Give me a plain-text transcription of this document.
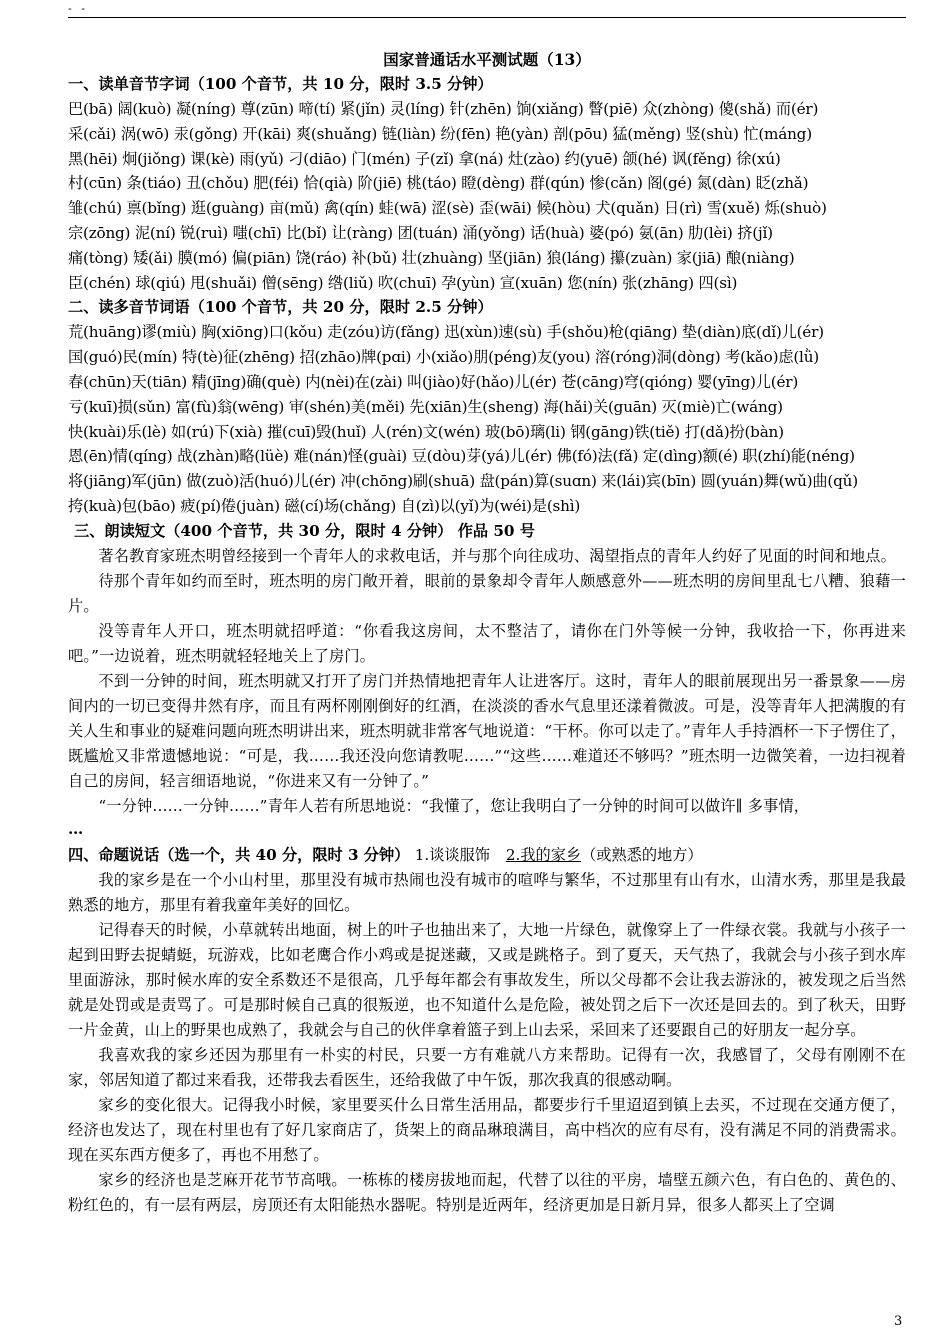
- -
国家普通话水平测试题（13）
一、读单音节字词（100 个音节，共 10 分，限时 3.5 分钟）
巴(bā) 阔(kuò) 凝(níng) 尊(zūn) 啼(tí) 紧(jǐn) 灵(líng) 针(zhēn) 饷(xiǎng) 瞥(piē) 众(zhòng) 傻(shǎ) 而(ér)
采(cǎi) 涡(wō) 汞(gǒng) 开(kāi) 爽(shuǎng) 链(liàn) 纷(fēn) 艳(yàn) 剖(pōu) 猛(měng) 竖(shù) 忙(máng)
黑(hēi) 炯(jiǒng) 课(kè) 雨(yǔ) 刁(diāo) 门(mén) 子(zǐ) 拿(ná) 灶(zào) 约(yuē) 颌(hé) 讽(fěng) 徐(xú)
村(cūn) 条(tiáo) 丑(chǒu) 肥(féi) 恰(qià) 阶(jiē) 桃(táo) 瞪(dèng) 群(qún) 惨(cǎn) 阁(gé) 氮(dàn) 眨(zhǎ)
雏(chú) 禀(bǐng) 逛(guàng) 亩(mǔ) 禽(qín) 蛙(wā) 涩(sè) 歪(wāi) 候(hòu) 犬(quǎn) 日(rì) 雪(xuě) 烁(shuò)
宗(zōng) 泥(ní) 锐(ruì) 嗤(chī) 比(bǐ) 让(ràng) 团(tuán) 涌(yǒng) 话(huà) 婆(pó) 氨(ān) 肋(lèi) 挤(jǐ)
痛(tòng) 矮(ǎi) 膜(mó) 偏(piān) 饶(ráo) 补(bǔ) 壮(zhuàng) 坚(jiān) 狼(láng) 攥(zuàn) 家(jiā) 酿(niàng)
臣(chén) 球(qiú) 甩(shuǎi) 僧(sēng) 绺(liǔ) 吹(chuī) 孕(yùn) 宣(xuān) 您(nín) 张(zhāng) 四(sì)
二、读多音节词语（100 个音节，共 20 分，限时 2.5 分钟）
荒(huāng)谬(miù) 胸(xiōng)口(kǒu) 走(zóu)访(fǎng) 迅(xùn)速(sù) 手(shǒu)枪(qiāng) 垫(diàn)底(dǐ)儿(ér)
国(guó)民(mín) 特(tè)征(zhēng) 招(zhāo)牌(pɑi) 小(xiǎo)朋(péng)友(you) 溶(róng)洞(dòng) 考(kǎo)虑(lǜ)
春(chūn)天(tiān) 精(jīng)确(què) 内(nèi)在(zài) 叫(jiào)好(hǎo)儿(ér) 苍(cāng)穹(qióng) 婴(yīng)儿(ér)
亏(kuī)损(sǔn) 富(fù)翁(wēng) 审(shén)美(měi) 先(xiān)生(sheng) 海(hǎi)关(guān) 灭(miè)亡(wáng)
快(kuài)乐(lè) 如(rú)下(xià) 摧(cuī)毁(huǐ) 人(rén)文(wén) 玻(bō)璃(li) 钢(gāng)铁(tiě) 打(dǎ)扮(bàn)
恩(ēn)情(qíng) 战(zhàn)略(lüè) 难(nán)怪(guài) 豆(dòu)芽(yá)儿(ér) 佛(fó)法(fǎ) 定(dìng)额(é) 职(zhí)能(néng)
将(jiāng)军(jūn) 做(zuò)活(huó)儿(ér) 冲(chōng)刷(shuā) 盘(pán)算(suɑn) 来(lái)宾(bīn) 圆(yuán)舞(wǔ)曲(qǔ)
挎(kuà)包(bāo) 疲(pí)倦(juàn) 磁(cí)场(chǎng) 自(zì)以(yǐ)为(wéi)是(shì)
三、朗读短文（400 个音节，共 30 分，限时 4 分钟） 作品 50 号

著名教育家班杰明曾经接到一个青年人的求救电话，并与那个向往成功、渴望指点的青年人约好了见面的时间和地点。

待那个青年如约而至时，班杰明的房门敞开着，眼前的景象却令青年人颇感意外——班杰明的房间里乱七八糟、狼藉一片。

没等青年人开口，班杰明就招呼道：“你看我这房间，太不整洁了，请你在门外等候一分钟，我收拾一下，你再进来吧。”一边说着，班杰明就轻轻地关上了房门。

不到一分钟的时间，班杰明就又打开了房门并热情地把青年人让进客厅。这时，青年人的眼前展现出另一番景象——房间内的一切已变得井然有序，而且有两杯刚刚倒好的红酒，在淡淡的香水气息里还漾着微波。可是，没等青年人把满腹的有关人生和事业的疑难问题向班杰明讲出来，班杰明就非常客气地说道：“干杯。你可以走了。”青年人手持酒杯一下子愣住了，既尴尬又非常遗憾地说：“可是，我……我还没向您请教呢……”“这些……难道还不够吗？”班杰明一边微笑着，一边扫视着自己的房间，轻言细语地说，“你进来又有一分钟了。”

“一分钟……一分钟……”青年人若有所思地说：“我懂了，您让我明白了一分钟的时间可以做许∥ 多事情，

…
四、命题说话（选一个，共 40 分，限时 3 分钟） 1.谈谈服饰 2.我的家乡（或熟悉的地方）

我的家乡是在一个小山村里，那里没有城市热闹也没有城市的喧哗与繁华，不过那里有山有水，山清水秀，那里是我最熟悉的地方，那里有着我童年美好的回忆。

记得春天的时候，小草就转出地面，树上的叶子也抽出来了，大地一片绿色，就像穿上了一件绿衣裳。我就与小孩子一起到田野去捉蜻蜓，玩游戏，比如老鹰合作小鸡或是捉迷藏，又或是跳格子。到了夏天，天气热了，我就会与小孩子到水库里面游泳，那时候水库的安全系数还不是很高，几乎每年都会有事故发生，所以父母都不会让我去游泳的，被发现之后当然就是处罚或是责骂了。可是那时候自己真的很叛逆，也不知道什么是危险，被处罚之后下一次还是回去的。到了秋天，田野一片金黄，山上的野果也成熟了，我就会与自己的伙伴拿着篮子到上山去采，采回来了还要跟自己的好朋友一起分享。

我喜欢我的家乡还因为那里有一朴实的村民，只要一方有难就八方来帮助。记得有一次，我感冒了，父母有刚刚不在家，邻居知道了都过来看我，还带我去看医生，还给我做了中午饭，那次我真的很感动啊。

家乡的变化很大。记得我小时候，家里要买什么日常生活用品，都要步行千里迢迢到镇上去买，不过现在交通方便了，经济也发达了，现在村里也有了好几家商店了，货架上的商品琳琅满目，高中档次的应有尽有，没有满足不同的消费需求。现在买东西方便多了，再也不用愁了。

家乡的经济也是芝麻开花节节高哦。一栋栋的楼房拔地而起，代替了以往的平房，墙壁五颜六色，有白色的、黄色的、粉红色的，有一层有两层，房顶还有太阳能热水器呢。特别是近两年，经济更加是日新月异，很多人都买上了空调

3
